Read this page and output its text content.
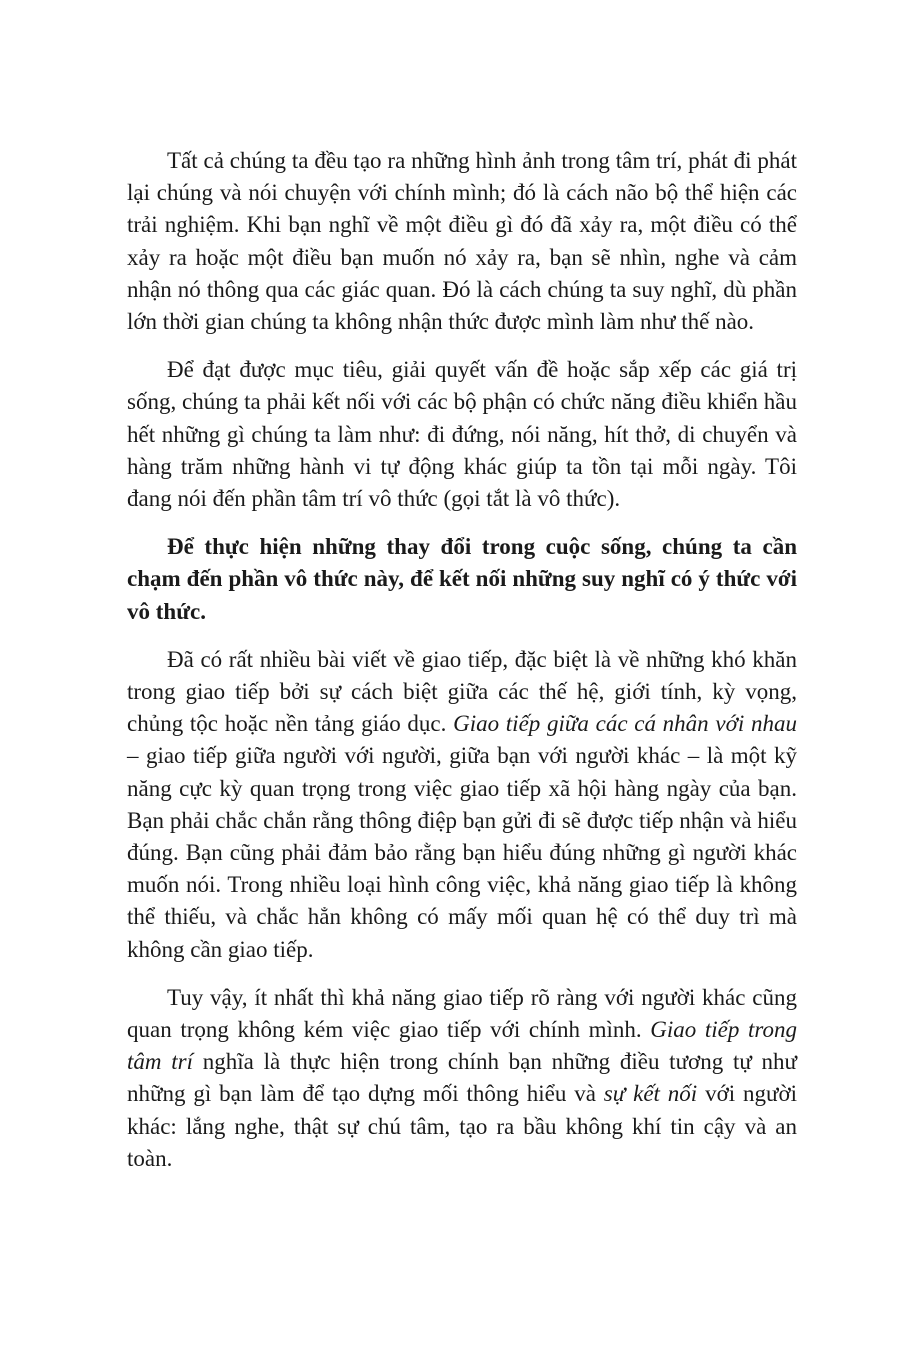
Tất cả chúng ta đều tạo ra những hình ảnh trong tâm trí, phát đi phát lại chúng và nói chuyện với chính mình; đó là cách não bộ thể hiện các trải nghiệm. Khi bạn nghĩ về một điều gì đó đã xảy ra, một điều có thể xảy ra hoặc một điều bạn muốn nó xảy ra, bạn sẽ nhìn, nghe và cảm nhận nó thông qua các giác quan. Đó là cách chúng ta suy nghĩ, dù phần lớn thời gian chúng ta không nhận thức được mình làm như thế nào.

Để đạt được mục tiêu, giải quyết vấn đề hoặc sắp xếp các giá trị sống, chúng ta phải kết nối với các bộ phận có chức năng điều khiển hầu hết những gì chúng ta làm như: đi đứng, nói năng, hít thở, di chuyển và hàng trăm những hành vi tự động khác giúp ta tồn tại mỗi ngày. Tôi đang nói đến phần tâm trí vô thức (gọi tắt là vô thức).

Để thực hiện những thay đổi trong cuộc sống, chúng ta cần chạm đến phần vô thức này, để kết nối những suy nghĩ có ý thức với vô thức.

Đã có rất nhiều bài viết về giao tiếp, đặc biệt là về những khó khăn trong giao tiếp bởi sự cách biệt giữa các thế hệ, giới tính, kỳ vọng, chủng tộc hoặc nền tảng giáo dục. Giao tiếp giữa các cá nhân với nhau – giao tiếp giữa người với người, giữa bạn với người khác – là một kỹ năng cực kỳ quan trọng trong việc giao tiếp xã hội hàng ngày của bạn. Bạn phải chắc chắn rằng thông điệp bạn gửi đi sẽ được tiếp nhận và hiểu đúng. Bạn cũng phải đảm bảo rằng bạn hiểu đúng những gì người khác muốn nói. Trong nhiều loại hình công việc, khả năng giao tiếp là không thể thiếu, và chắc hẳn không có mấy mối quan hệ có thể duy trì mà không cần giao tiếp.

Tuy vậy, ít nhất thì khả năng giao tiếp rõ ràng với người khác cũng quan trọng không kém việc giao tiếp với chính mình. Giao tiếp trong tâm trí nghĩa là thực hiện trong chính bạn những điều tương tự như những gì bạn làm để tạo dựng mối thông hiểu và sự kết nối với người khác: lắng nghe, thật sự chú tâm, tạo ra bầu không khí tin cậy và an toàn.
